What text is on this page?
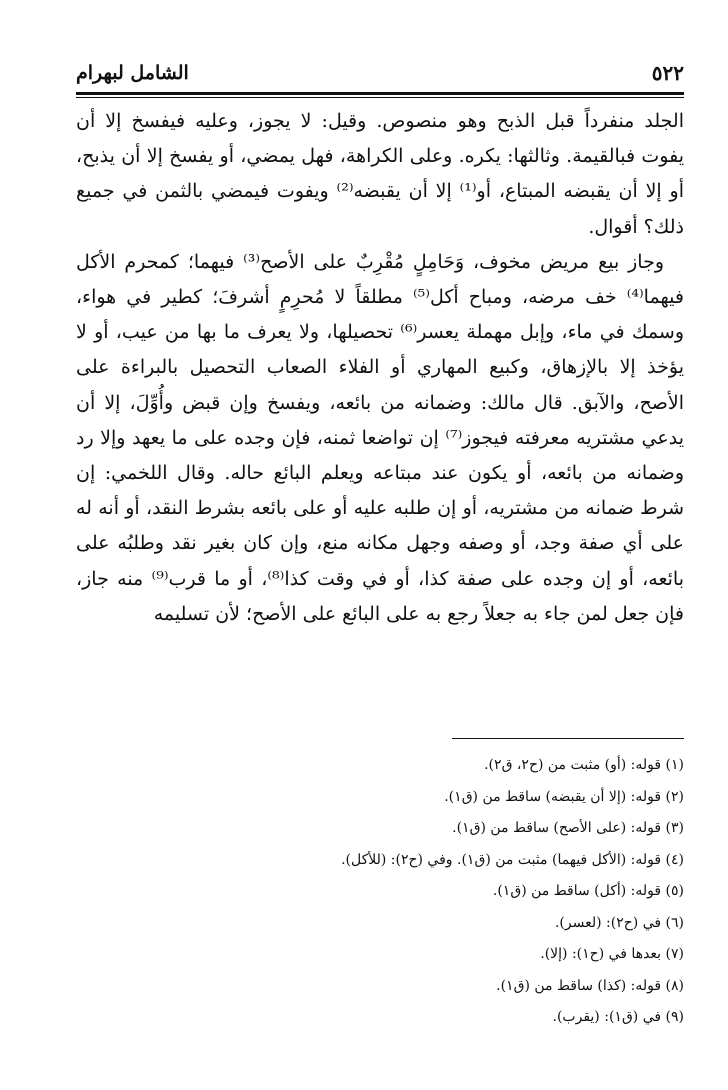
٥٢٢
الشامل لبهرام

الجلد منفرداً قبل الذبح وهو منصوص. وقيل: لا يجوز، وعليه فيفسخ إلا أن يفوت فبالقيمة. وثالثها: يكره. وعلى الكراهة، فهل يمضي، أو يفسخ إلا أن يذبح، أو إلا أن يقبضه المبتاع، أو⁽¹⁾ إلا أن يقبضه⁽²⁾ ويفوت فيمضي بالثمن في جميع ذلك؟ أقوال.

وجاز بيع مريض مخوف، وَحَامِلٍ مُقْرِبٌ على الأصح⁽³⁾ فيهما؛ كمحرم الأكل فيهما⁽⁴⁾ خف مرضه، ومباح أكل⁽⁵⁾ مطلقاً لا مُحرِمٍ أشرفَ؛ كطير في هواء، وسمك في ماء، وإبل مهملة يعسر⁽⁶⁾ تحصيلها، ولا يعرف ما بها من عيب، أو لا يؤخذ إلا بالإزهاق، وكبيع المهاري أو الفلاء الصعاب التحصيل بالبراءة على الأصح، والآبق. قال مالك: وضمانه من بائعه، ويفسخ وإن قبض وأُوِّلَ، إلا أن يدعي مشتريه معرفته فيجوز⁽⁷⁾ إن تواضعا ثمنه، فإن وجده على ما يعهد وإلا رد وضمانه من بائعه، أو يكون عند مبتاعه ويعلم البائع حاله. وقال اللخمي: إن شرط ضمانه من مشتريه، أو إن طلبه عليه أو على بائعه بشرط النقد، أو أنه له على أي صفة وجد، أو وصفه وجهل مكانه منع، وإن كان بغير نقد وطلبُه على بائعه، أو إن وجده على صفة كذا، أو في وقت كذا⁽⁸⁾، أو ما قرب⁽⁹⁾ منه جاز، فإن جعل لمن جاء به جعلاً رجع به على البائع على الأصح؛ لأن تسليمه

(١) قوله: (أو) مثبت من (ح٢، ق٢).
(٢) قوله: (إلا أن يقبضه) ساقط من (ق١).
(٣) قوله: (على الأصح) ساقط من (ق١).
(٤) قوله: (الأكل فيهما) مثبت من (ق١). وفي (ح٢): (للأكل).
(٥) قوله: (أكل) ساقط من (ق١).
(٦) في (ح٢): (لعسر).
(٧) بعدها في (ح١): (إلا).
(٨) قوله: (كذا) ساقط من (ق١).
(٩) في (ق١): (يقرب).
